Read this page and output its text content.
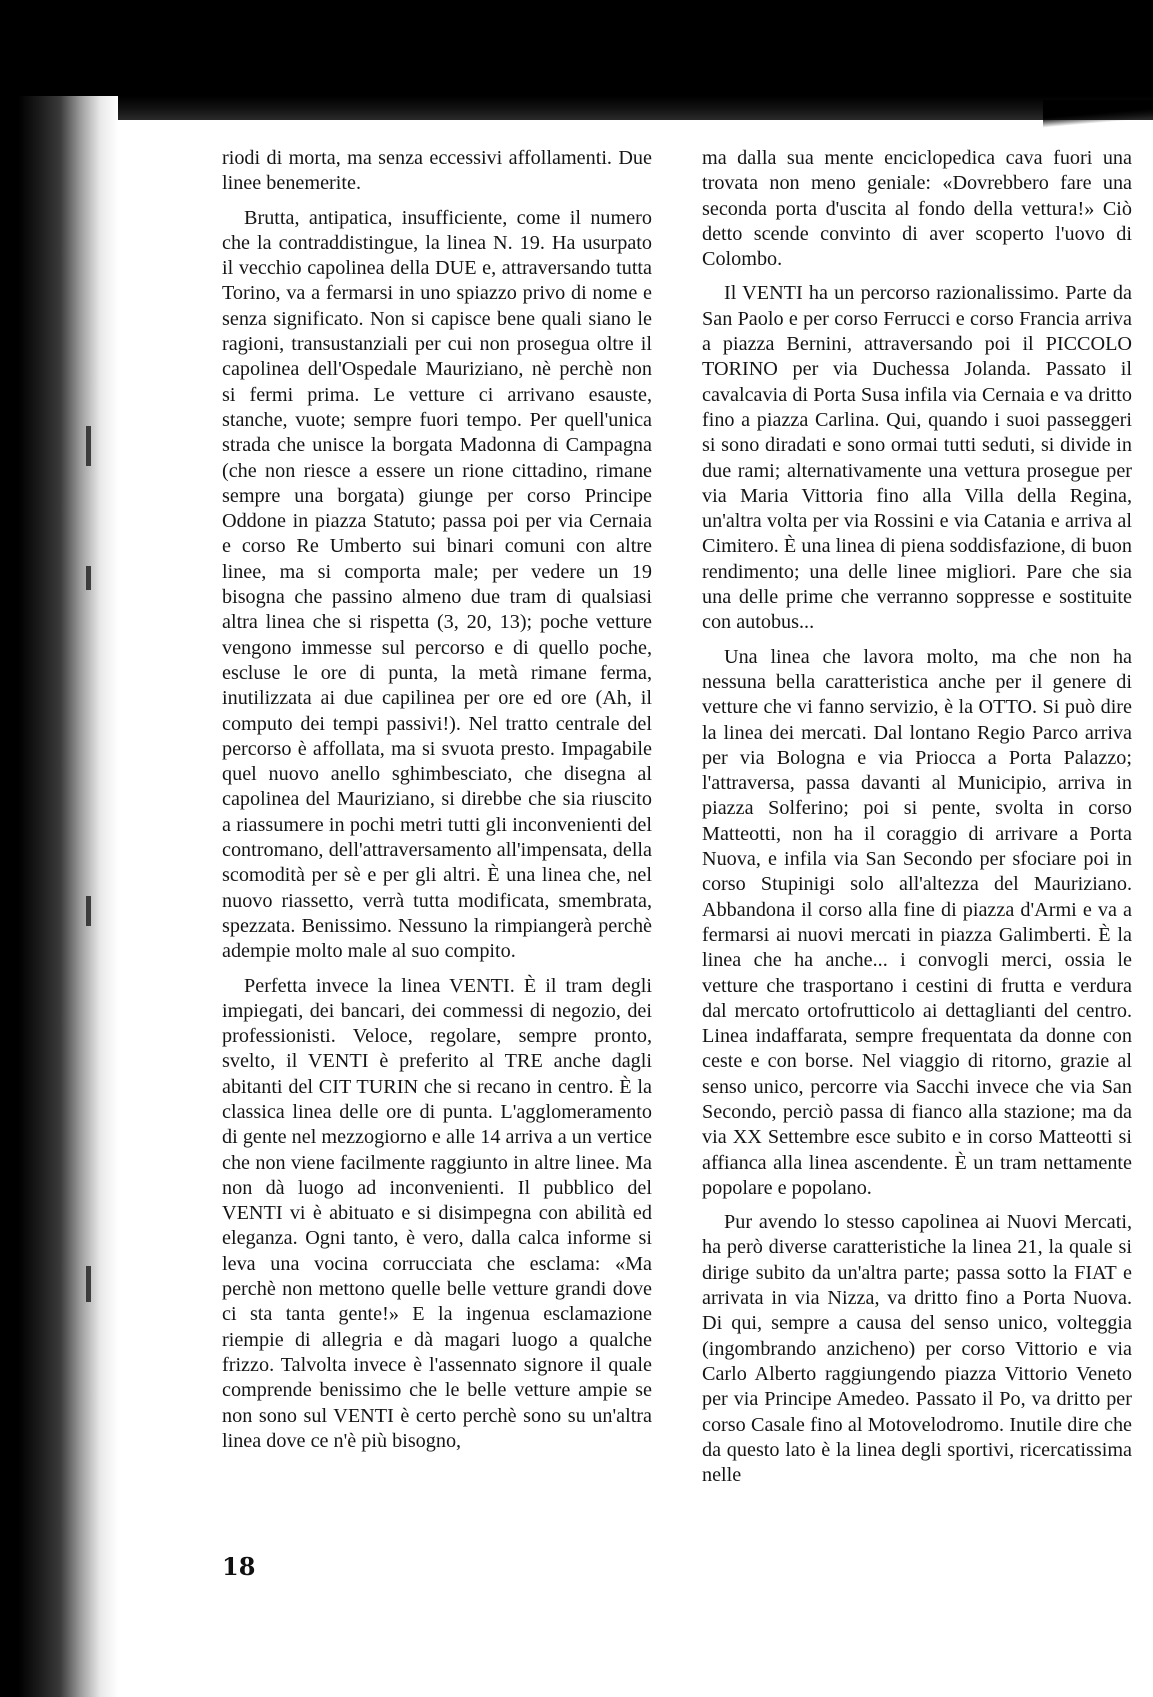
riodi di morta, ma senza eccessivi affollamenti. Due linee benemerite.

Brutta, antipatica, insufficiente, come il numero che la contraddistingue, la linea N. 19. Ha usurpato il vecchio capolinea della DUE e, attraversando tutta Torino, va a fermarsi in uno spiazzo privo di nome e senza significato. Non si capisce bene quali siano le ragioni, transustanziali per cui non prosegua oltre il capolinea dell'Ospedale Mauriziano, nè perchè non si fermi prima. Le vetture ci arrivano esauste, stanche, vuote; sempre fuori tempo. Per quell'unica strada che unisce la borgata Madonna di Campagna (che non riesce a essere un rione cittadino, rimane sempre una borgata) giunge per corso Principe Oddone in piazza Statuto; passa poi per via Cernaia e corso Re Umberto sui binari comuni con altre linee, ma si comporta male; per vedere un 19 bisogna che passino almeno due tram di qualsiasi altra linea che si rispetta (3, 20, 13); poche vetture vengono immesse sul percorso e di quello poche, escluse le ore di punta, la metà rimane ferma, inutilizzata ai due capilinea per ore ed ore (Ah, il computo dei tempi passivi!). Nel tratto centrale del percorso è affollata, ma si svuota presto. Impagabile quel nuovo anello sghimbesciato, che disegna al capolinea del Mauriziano, si direbbe che sia riuscito a riassumere in pochi metri tutti gli inconvenienti del contromano, dell'attraversamento all'impensata, della scomodità per sè e per gli altri. È una linea che, nel nuovo riassetto, verrà tutta modificata, smembrata, spezzata. Benissimo. Nessuno la rimpiangerà perchè adempie molto male al suo compito.

Perfetta invece la linea VENTI. È il tram degli impiegati, dei bancari, dei commessi di negozio, dei professionisti. Veloce, regolare, sempre pronto, svelto, il VENTI è preferito al TRE anche dagli abitanti del CIT TURIN che si recano in centro. È la classica linea delle ore di punta. L'agglomeramento di gente nel mezzogiorno e alle 14 arriva a un vertice che non viene facilmente raggiunto in altre linee. Ma non dà luogo ad inconvenienti. Il pubblico del VENTI vi è abituato e si disimpegna con abilità ed eleganza. Ogni tanto, è vero, dalla calca informe si leva una vocina corrucciata che esclama: «Ma perchè non mettono quelle belle vetture grandi dove ci sta tanta gente!» E la ingenua esclamazione riempie di allegria e dà magari luogo a qualche frizzo. Talvolta invece è l'assennato signore il quale comprende benissimo che le belle vetture ampie se non sono sul VENTI è certo perchè sono su un'altra linea dove ce n'è più bisogno,

ma dalla sua mente enciclopedica cava fuori una trovata non meno geniale: «Dovrebbero fare una seconda porta d'uscita al fondo della vettura!» Ciò detto scende convinto di aver scoperto l'uovo di Colombo.

Il VENTI ha un percorso razionalissimo. Parte da San Paolo e per corso Ferrucci e corso Francia arriva a piazza Bernini, attraversando poi il PICCOLO TORINO per via Duchessa Jolanda. Passato il cavalcavia di Porta Susa infila via Cernaia e va dritto fino a piazza Carlina. Qui, quando i suoi passeggeri si sono diradati e sono ormai tutti seduti, si divide in due rami; alternativamente una vettura prosegue per via Maria Vittoria fino alla Villa della Regina, un'altra volta per via Rossini e via Catania e arriva al Cimitero. È una linea di piena soddisfazione, di buon rendimento; una delle linee migliori. Pare che sia una delle prime che verranno soppresse e sostituite con autobus...

Una linea che lavora molto, ma che non ha nessuna bella caratteristica anche per il genere di vetture che vi fanno servizio, è la OTTO. Si può dire la linea dei mercati. Dal lontano Regio Parco arriva per via Bologna e via Priocca a Porta Palazzo; l'attraversa, passa davanti al Municipio, arriva in piazza Solferino; poi si pente, svolta in corso Matteotti, non ha il coraggio di arrivare a Porta Nuova, e infila via San Secondo per sfociare poi in corso Stupinigi solo all'altezza del Mauriziano. Abbandona il corso alla fine di piazza d'Armi e va a fermarsi ai nuovi mercati in piazza Galimberti. È la linea che ha anche... i convogli merci, ossia le vetture che trasportano i cestini di frutta e verdura dal mercato ortofrutticolo ai dettaglianti del centro. Linea indaffarata, sempre frequentata da donne con ceste e con borse. Nel viaggio di ritorno, grazie al senso unico, percorre via Sacchi invece che via San Secondo, perciò passa di fianco alla stazione; ma da via XX Settembre esce subito e in corso Matteotti si affianca alla linea ascendente. È un tram nettamente popolare e popolano.

Pur avendo lo stesso capolinea ai Nuovi Mercati, ha però diverse caratteristiche la linea 21, la quale si dirige subito da un'altra parte; passa sotto la FIAT e arrivata in via Nizza, va dritto fino a Porta Nuova. Di qui, sempre a causa del senso unico, volteggia (ingombrando anzicheno) per corso Vittorio e via Carlo Alberto raggiungendo piazza Vittorio Veneto per via Principe Amedeo. Passato il Po, va dritto per corso Casale fino al Motovelodromo. Inutile dire che da questo lato è la linea degli sportivi, ricercatissima nelle

18
